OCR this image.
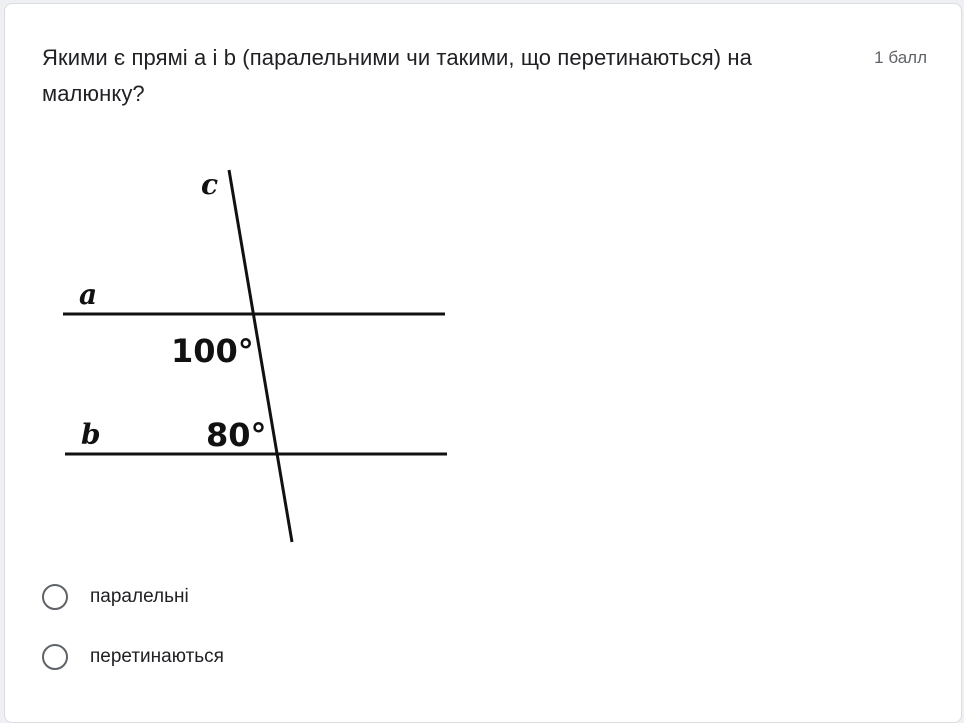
Якими є прямі a і b (паралельними чи такими, що перетинаються) на малюнку?
1 балл
c
a
b
100°
80°
паралельні
перетинаються
